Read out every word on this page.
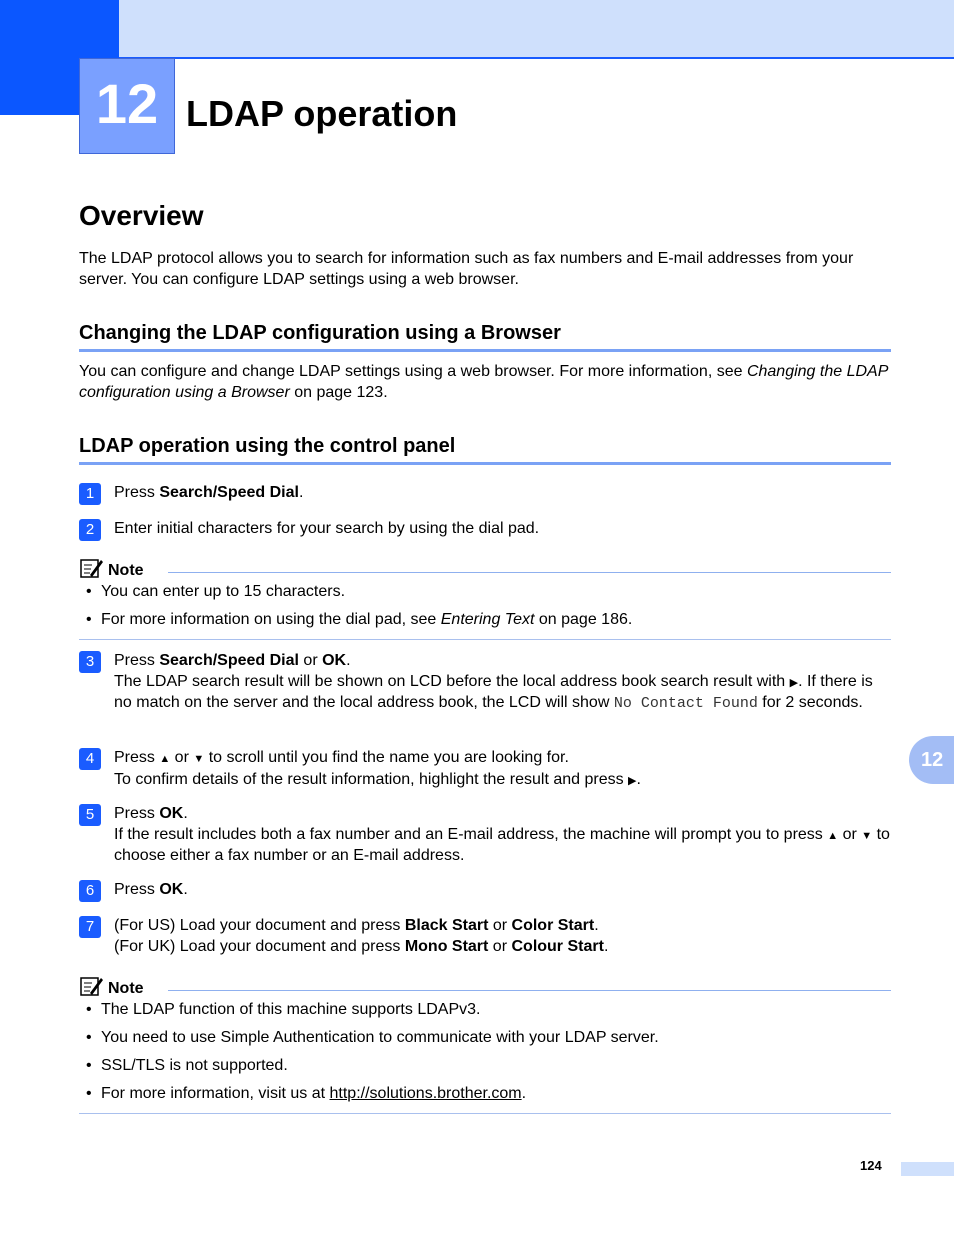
12 LDAP operation
Overview

The LDAP protocol allows you to search for information such as fax numbers and E-mail addresses from your server. You can configure LDAP settings using a web browser.

Changing the LDAP configuration using a Browser

You can configure and change LDAP settings using a web browser. For more information, see Changing the LDAP configuration using a Browser on page 123.

LDAP operation using the control panel
1	Press Search/Speed Dial.

2	Enter initial characters for your search by using the dial pad.

Note
• You can enter up to 15 characters.
• For more information on using the dial pad, see Entering Text on page 186.
3	Press Search/Speed Dial or OK.

The LDAP search result will be shown on LCD before the local address book search result with ▶. If there is no match on the server and the local address book, the LCD will show No Contact Found for 2 seconds.

4	Press ▲ or ▼ to scroll until you find the name you are looking for.

To confirm details of the result information, highlight the result and press ▶.

5	Press OK.

If the result includes both a fax number and an E-mail address, the machine will prompt you to press ▲ or ▼ to choose either a fax number or an E-mail address.

6	Press OK.

7	(For US) Load your document and press Black Start or Color Start.

(For UK) Load your document and press Mono Start or Colour Start.

Note
• The LDAP function of this machine supports LDAPv3.
• You need to use Simple Authentication to communicate with your LDAP server.
• SSL/TLS is not supported.
• For more information, visit us at http://solutions.brother.com.
12
124
